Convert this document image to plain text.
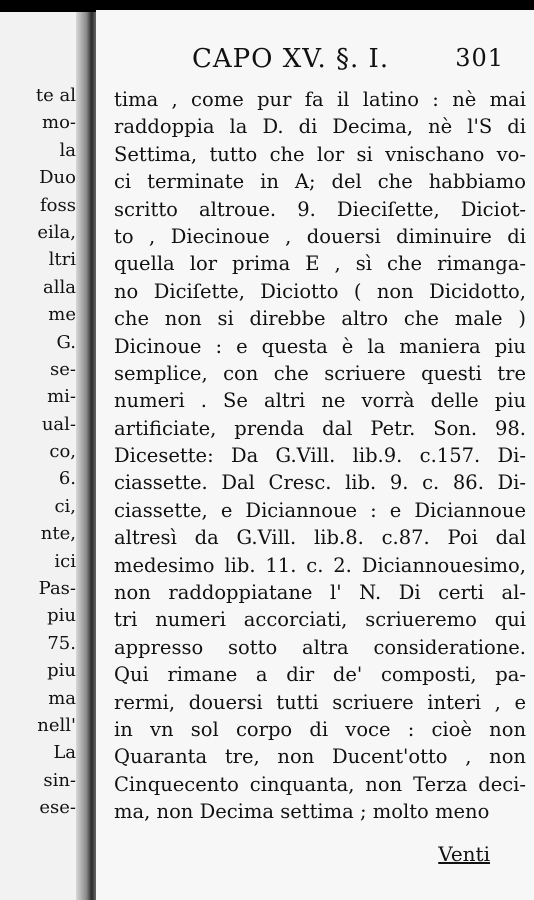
te al
mo-
la
Duo
foss
eila,
ltri
alla
me
G.
se-
mi-
ual-
co,
6.
ci,
nte,
ici
Pas-
piu
75.
piu
ma
nell'
La
sin-
ese-
tima , come pur fa il latino : nè mai
raddoppia la D. di Decima, nè l'S di
Settima, tutto che lor si vnischano vo-
ci terminate in A; del che habbiamo
scritto altroue. 9. Dieciſette, Diciot-
to , Diecinoue , douersi diminuire di
quella lor prima E , sì che rimanga-
no Diciſette, Diciotto ( non Dicidotto,
che non si direbbe altro che male )
Dicinoue : e questa è la maniera piu
semplice, con che scriuere questi tre
numeri . Se altri ne vorrà delle piu
artificiate, prenda dal Petr. Son. 98.
Dicesette: Da G.Vill. lib.9. c.157. Di-
ciassette. Dal Cresc. lib. 9. c. 86. Di-
ciassette, e Diciannoue : e Diciannoue
altresì da G.Vill. lib.8. c.87. Poi dal
medesimo lib. 11. c. 2. Diciannouesimo,
non raddoppiatane l' N. Di certi al-
tri numeri accorciati, scriueremo qui
appresso sotto altra consideratione.
Qui rimane a dir de' composti, pa-
rermi, douersi tutti scriuere interi , e
in vn sol corpo di voce : cioè non
Quaranta tre, non Ducent'otto , non
Cinquecento cinquanta, non Terza deci-
ma, non Decima settima ; molto meno
Venti
CAPO XV. §. I.	301
